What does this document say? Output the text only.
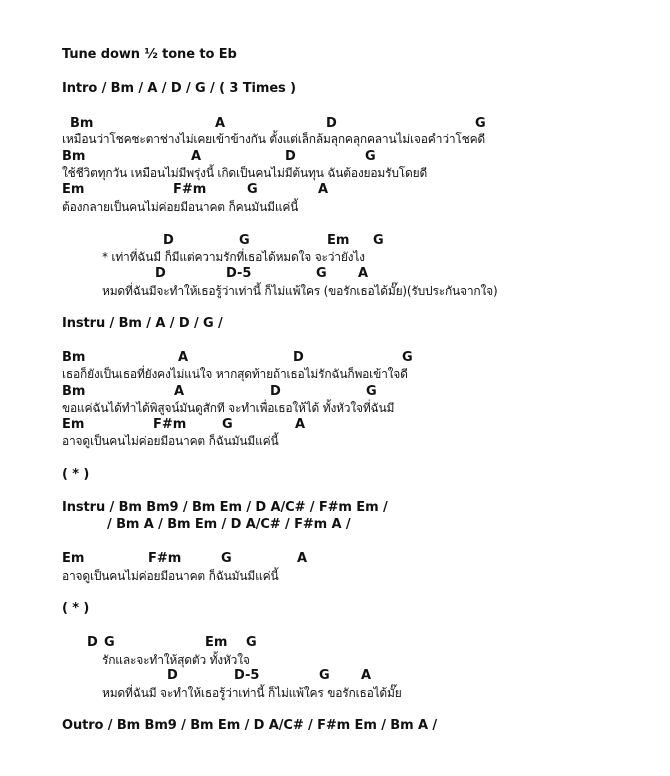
Tune down ½ tone to Eb
Intro / Bm / A / D / G / ( 3 Times )
Bm	A	D	G
เหมือนว่าโชคชะตาช่างไม่เคยเข้าข้างกัน ตั้งแต่เล็กล้มลุกคลุกคลานไม่เจอคำว่าโชคดี
Bm	A	D	G
ใช้ชีวิตทุกวัน เหมือนไม่มีพรุ่งนี้ เกิดเป็นคนไม่มีต้นทุน ฉันต้องยอมรับโดยดี
Em	F#m	G	A
ต้องกลายเป็นคนไม่ค่อยมีอนาคต ก็คนมันมีแค่นี้
D	G	Em G
* เท่าที่ฉันมี ก็มีแต่ความรักที่เธอได้หมดใจ จะว่ายังไง
D	D-5	G A
หมดที่ฉันมีจะทำให้เธอรู้ว่าเท่านี้ ก็ไม่แพ้ใคร (ขอรักเธอได้มั๊ย)(รับประกันจากใจ)
Instru / Bm / A / D / G /
Bm	A	D	G
เธอก็ยังเป็นเธอที่ยังคงไม่แน่ใจ หากสุดท้ายถ้าเธอไม่รักฉันก็พอเข้าใจดี
Bm	A	D	G
ขอแค่ฉันได้ทำได้พิสูจน์มันดูสักที จะทำเพื่อเธอให้ได้ ทั้งหัวใจที่ฉันมี
Em	F#m	G	A
อาจดูเป็นคนไม่ค่อยมีอนาคต ก็ฉันมันมีแค่นี้
( * )
Instru / Bm Bm9 / Bm Em / D A/C# / F#m Em /
/ Bm A / Bm Em / D A/C# / F#m A /
Em	F#m	G	A
อาจดูเป็นคนไม่ค่อยมีอนาคต ก็ฉันมันมีแค่นี้
( * )
D G	Em G
รักและจะทำให้สุดตัว ทั้งหัวใจ
D	D-5	G A
หมดที่ฉันมี จะทำให้เธอรู้ว่าเท่านี้ ก็ไม่แพ้ใคร ขอรักเธอได้มั๊ย
Outro / Bm Bm9 / Bm Em / D A/C# / F#m Em / Bm A /
